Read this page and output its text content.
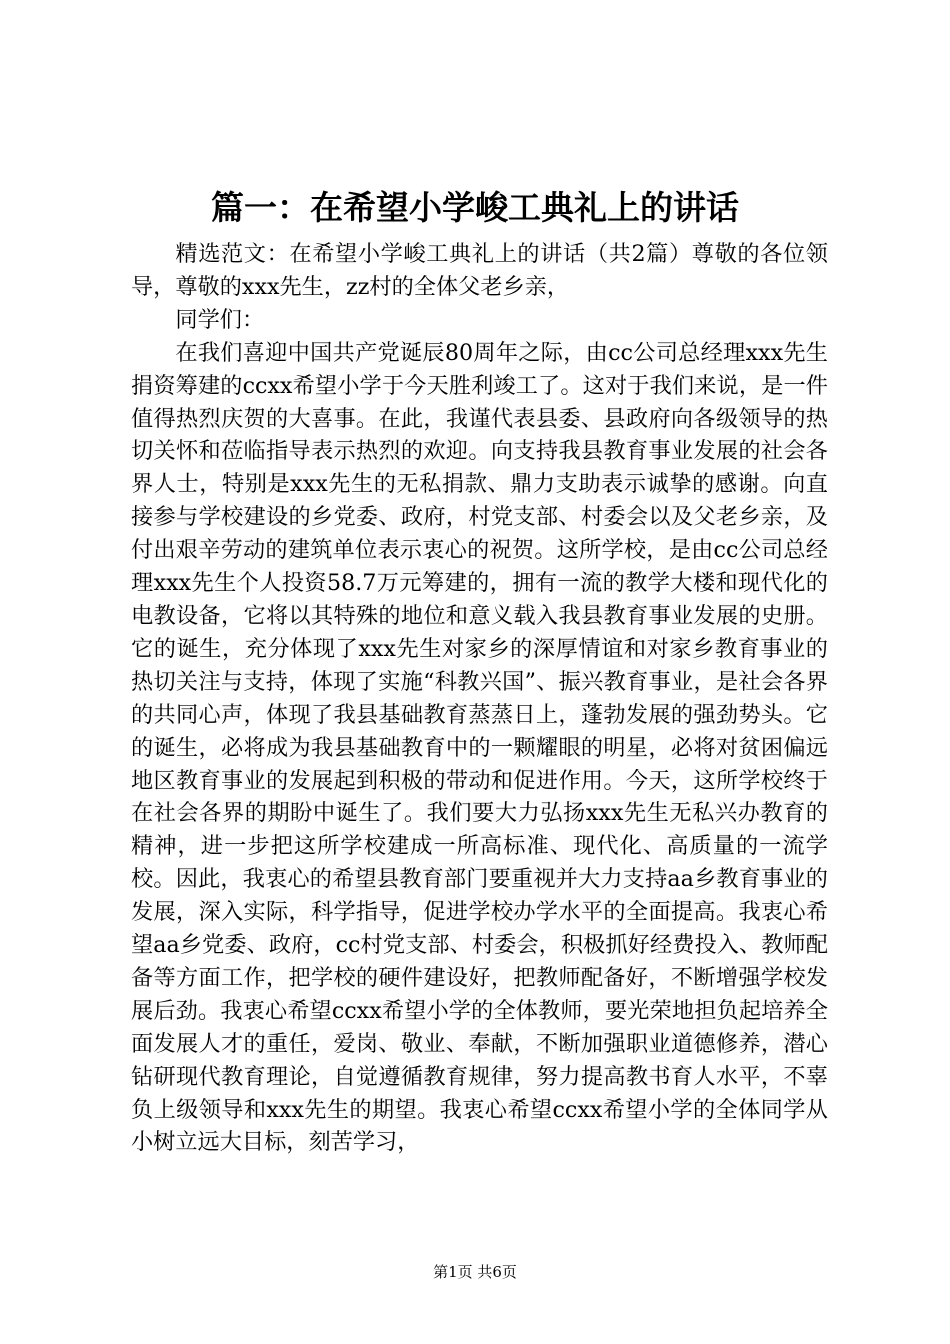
篇一：在希望小学峻工典礼上的讲话

精选范文：在希望小学峻工典礼上的讲话（共2篇）尊敬的各位领导，尊敬的xxx先生，zz村的全体父老乡亲，

同学们：

在我们喜迎中国共产党诞辰80周年之际，由cc公司总经理xxx先生捐资筹建的ccxx希望小学于今天胜利竣工了。这对于我们来说，是一件值得热烈庆贺的大喜事。在此，我谨代表县委、县政府向各级领导的热切关怀和莅临指导表示热烈的欢迎。向支持我县教育事业发展的社会各界人士，特别是xxx先生的无私捐款、鼎力支助表示诚挚的感谢。向直接参与学校建设的乡党委、政府，村党支部、村委会以及父老乡亲，及付出艰辛劳动的建筑单位表示衷心的祝贺。这所学校，是由cc公司总经理xxx先生个人投资58.7万元筹建的，拥有一流的教学大楼和现代化的电教设备，它将以其特殊的地位和意义载入我县教育事业发展的史册。它的诞生，充分体现了xxx先生对家乡的深厚情谊和对家乡教育事业的热切关注与支持，体现了实施“科教兴国”、振兴教育事业，是社会各界的共同心声，体现了我县基础教育蒸蒸日上，蓬勃发展的强劲势头。它的诞生，必将成为我县基础教育中的一颗耀眼的明星，必将对贫困偏远地区教育事业的发展起到积极的带动和促进作用。今天，这所学校终于在社会各界的期盼中诞生了。我们要大力弘扬xxx先生无私兴办教育的精神，进一步把这所学校建成一所高标准、现代化、高质量的一流学校。因此，我衷心的希望县教育部门要重视并大力支持aa乡教育事业的发展，深入实际，科学指导，促进学校办学水平的全面提高。我衷心希望aa乡党委、政府，cc村党支部、村委会，积极抓好经费投入、教师配备等方面工作，把学校的硬件建设好，把教师配备好，不断增强学校发展后劲。我衷心希望ccxx希望小学的全体教师，要光荣地担负起培养全面发展人才的重任，爱岗、敬业、奉献，不断加强职业道德修养，潜心钻研现代教育理论，自觉遵循教育规律，努力提高教书育人水平，不辜负上级领导和xxx先生的期望。我衷心希望ccxx希望小学的全体同学从小树立远大目标，刻苦学习，

第1页 共6页
